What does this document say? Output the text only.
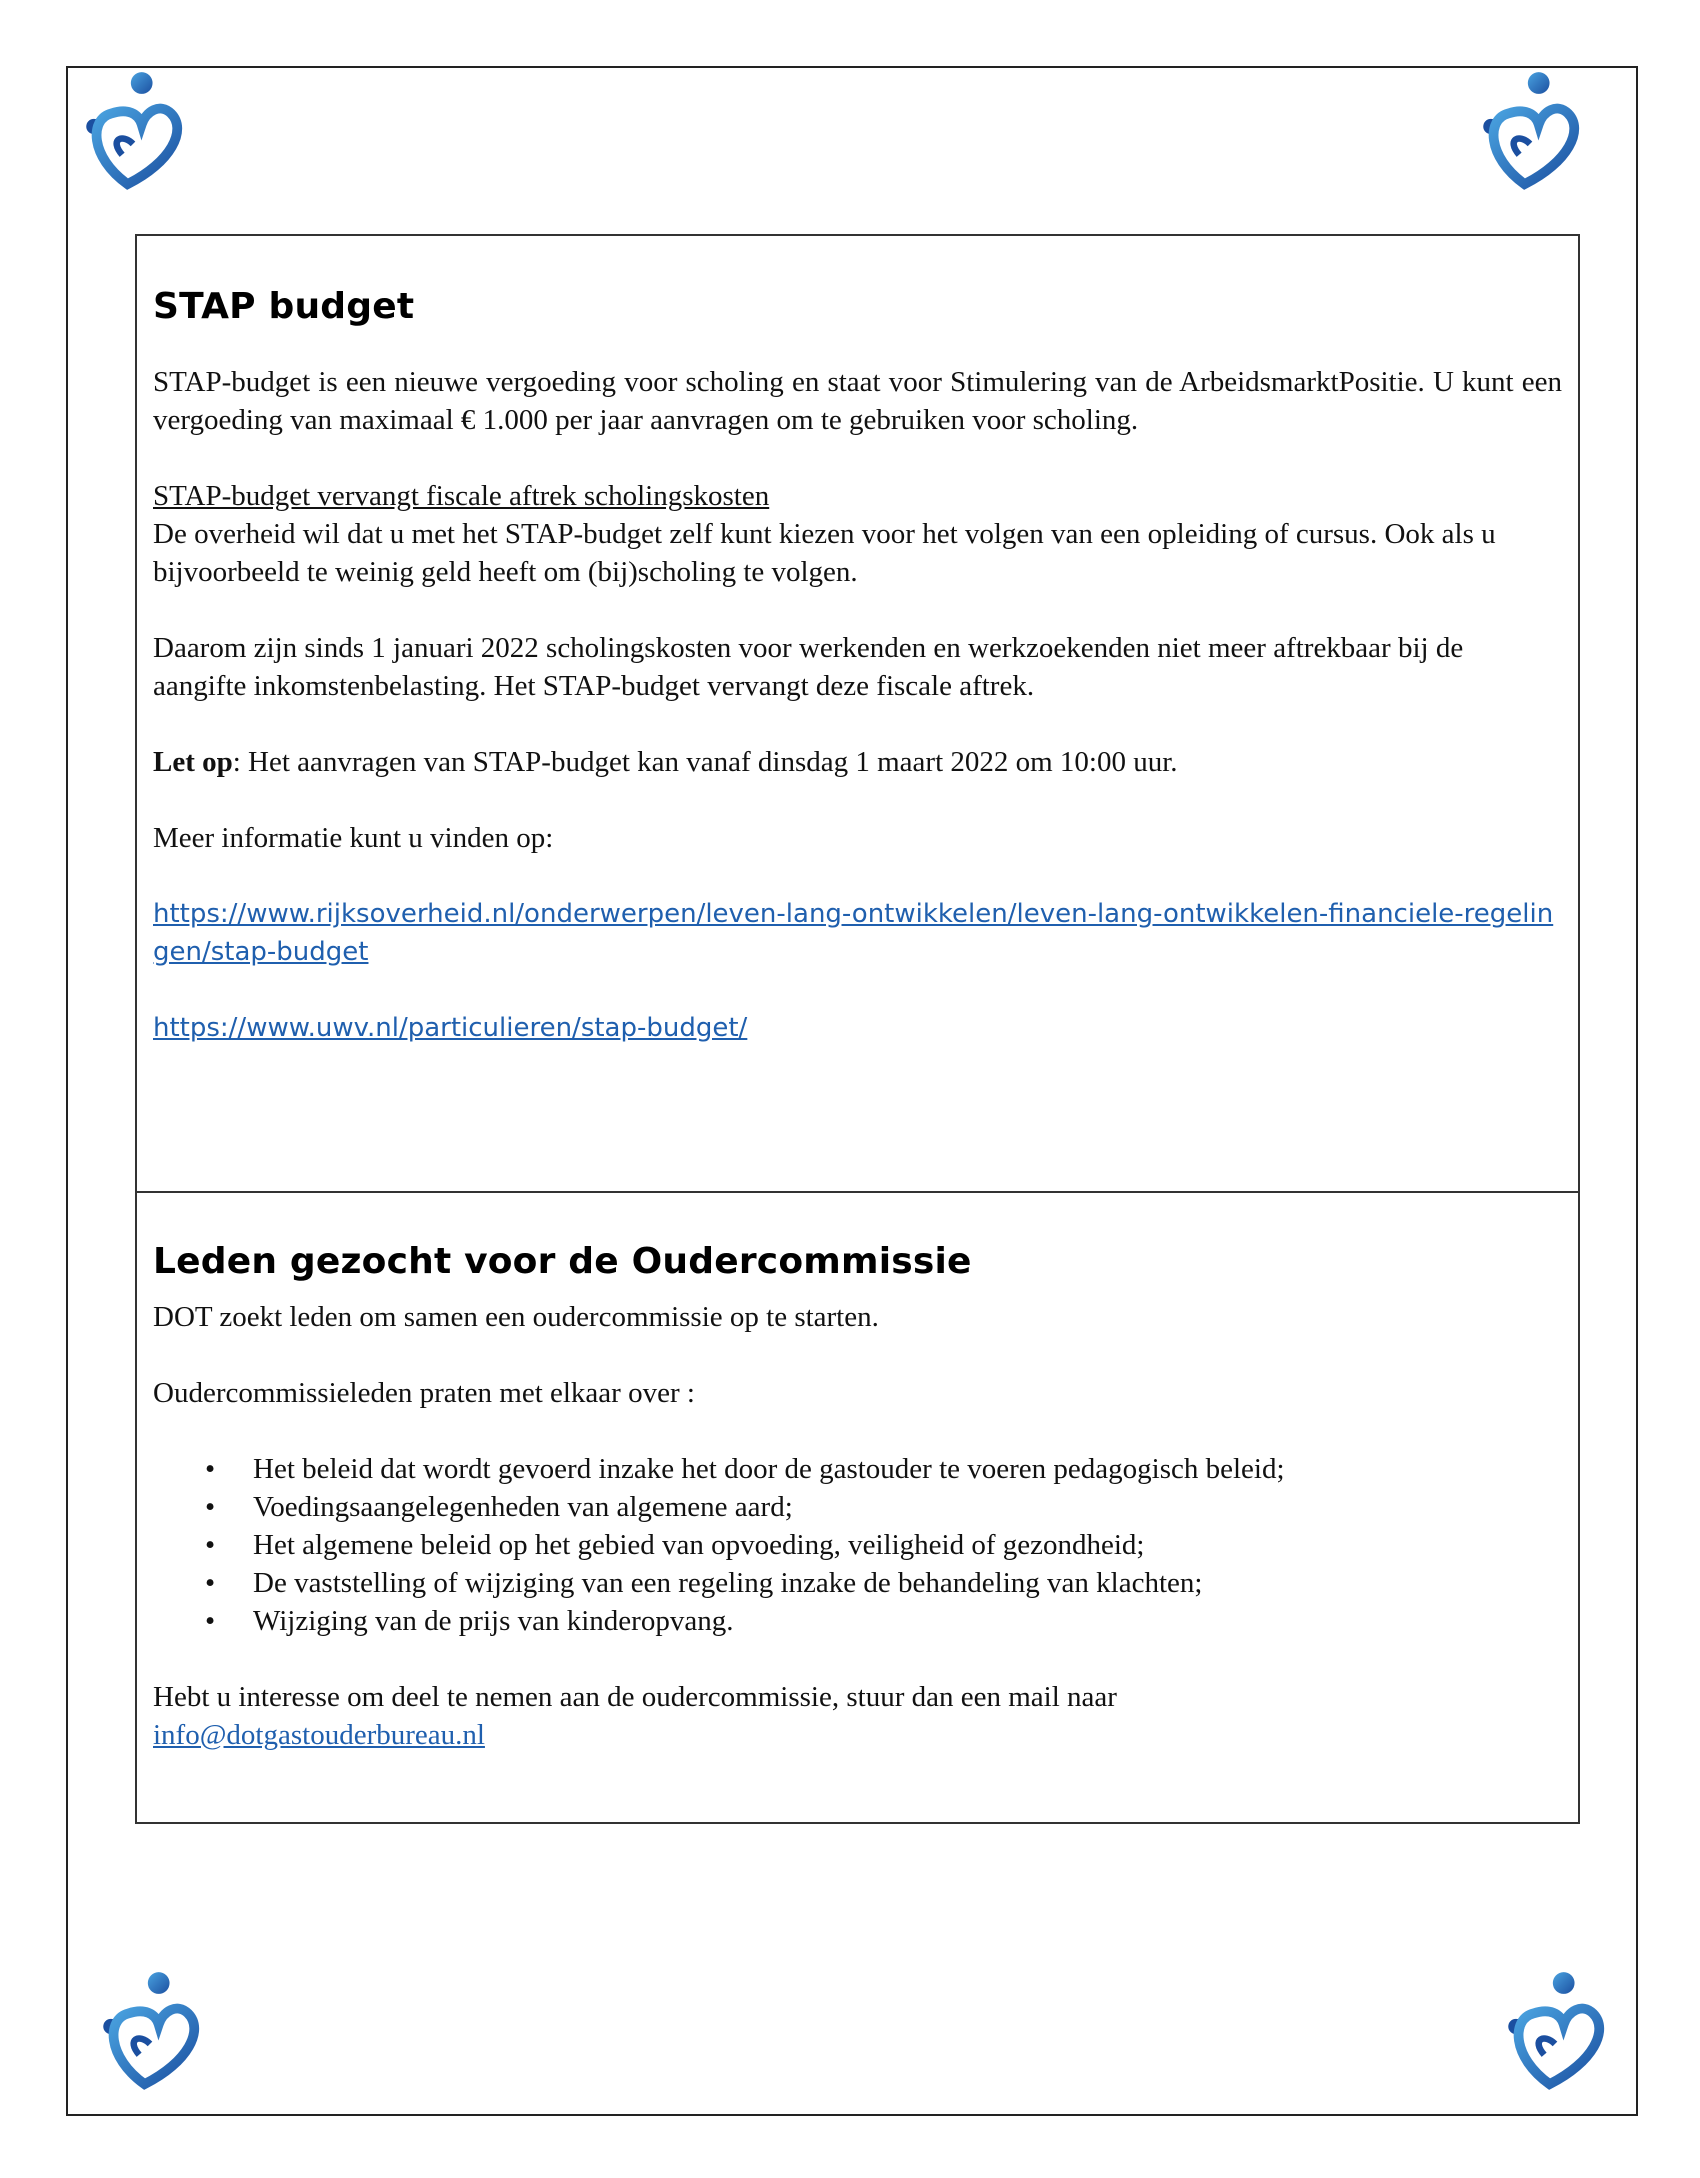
STAP budget

STAP-budget is een nieuwe vergoeding voor scholing en staat voor Stimulering van de ArbeidsmarktPositie. U kunt een vergoeding van maximaal € 1.000 per jaar aanvragen om te gebruiken voor scholing.

STAP-budget vervangt fiscale aftrek scholingskosten
De overheid wil dat u met het STAP-budget zelf kunt kiezen voor het volgen van een opleiding of cursus. Ook als u bijvoorbeeld te weinig geld heeft om (bij)scholing te volgen.

Daarom zijn sinds 1 januari 2022 scholingskosten voor werkenden en werkzoekenden niet meer aftrekbaar bij de aangifte inkomstenbelasting. Het STAP-budget vervangt deze fiscale aftrek.

Let op: Het aanvragen van STAP-budget kan vanaf dinsdag 1 maart 2022 om 10:00 uur.

Meer informatie kunt u vinden op:

https://www.rijksoverheid.nl/onderwerpen/leven-lang-ontwikkelen/leven-lang-ontwikkelen-financiele-regelingen/stap-budget
https://www.uwv.nl/particulieren/stap-budget/
Leden gezocht voor de Oudercommissie

DOT zoekt leden om samen een oudercommissie op te starten.

Oudercommissieleden praten met elkaar over :

• Het beleid dat wordt gevoerd inzake het door de gastouder te voeren pedagogisch beleid;
• Voedingsaangelegenheden van algemene aard;
• Het algemene beleid op het gebied van opvoeding, veiligheid of gezondheid;
• De vaststelling of wijziging van een regeling inzake de behandeling van klachten;
• Wijziging van de prijs van kinderopvang.

Hebt u interesse om deel te nemen aan de oudercommissie, stuur dan een mail naar
info@dotgastouderbureau.nl
